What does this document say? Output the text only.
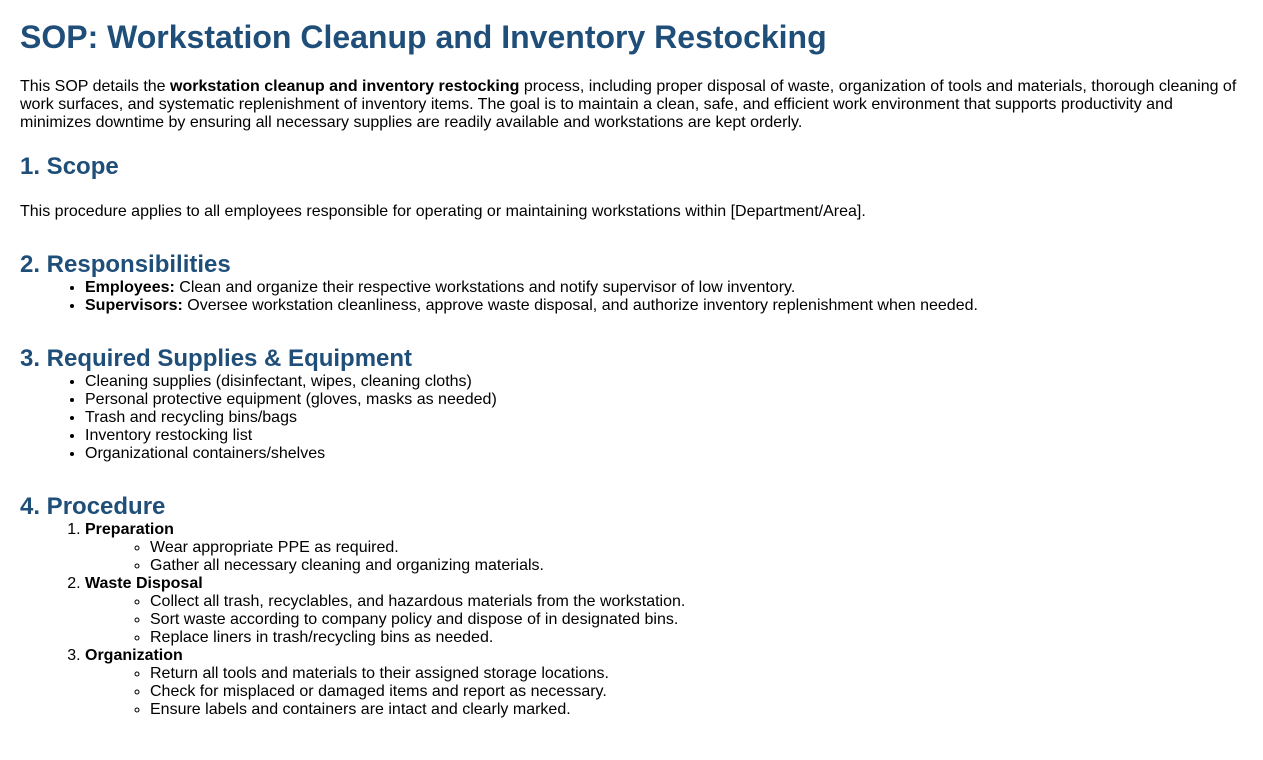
SOP: Workstation Cleanup and Inventory Restocking

This SOP details the workstation cleanup and inventory restocking process, including proper disposal of waste, organization of tools and materials, thorough cleaning of work surfaces, and systematic replenishment of inventory items. The goal is to maintain a clean, safe, and efficient work environment that supports productivity and minimizes downtime by ensuring all necessary supplies are readily available and workstations are kept orderly.

1. Scope

This procedure applies to all employees responsible for operating or maintaining workstations within [Department/Area].

2. Responsibilities
• Employees: Clean and organize their respective workstations and notify supervisor of low inventory.
• Supervisors: Oversee workstation cleanliness, approve waste disposal, and authorize inventory replenishment when needed.
3. Required Supplies & Equipment
• Cleaning supplies (disinfectant, wipes, cleaning cloths)
• Personal protective equipment (gloves, masks as needed)
• Trash and recycling bins/bags
• Inventory restocking list
• Organizational containers/shelves
4. Procedure
1. Preparation
◦ Wear appropriate PPE as required.
◦ Gather all necessary cleaning and organizing materials.
2. Waste Disposal
◦ Collect all trash, recyclables, and hazardous materials from the workstation.
◦ Sort waste according to company policy and dispose of in designated bins.
◦ Replace liners in trash/recycling bins as needed.
3. Organization
◦ Return all tools and materials to their assigned storage locations.
◦ Check for misplaced or damaged items and report as necessary.
◦ Ensure labels and containers are intact and clearly marked.
